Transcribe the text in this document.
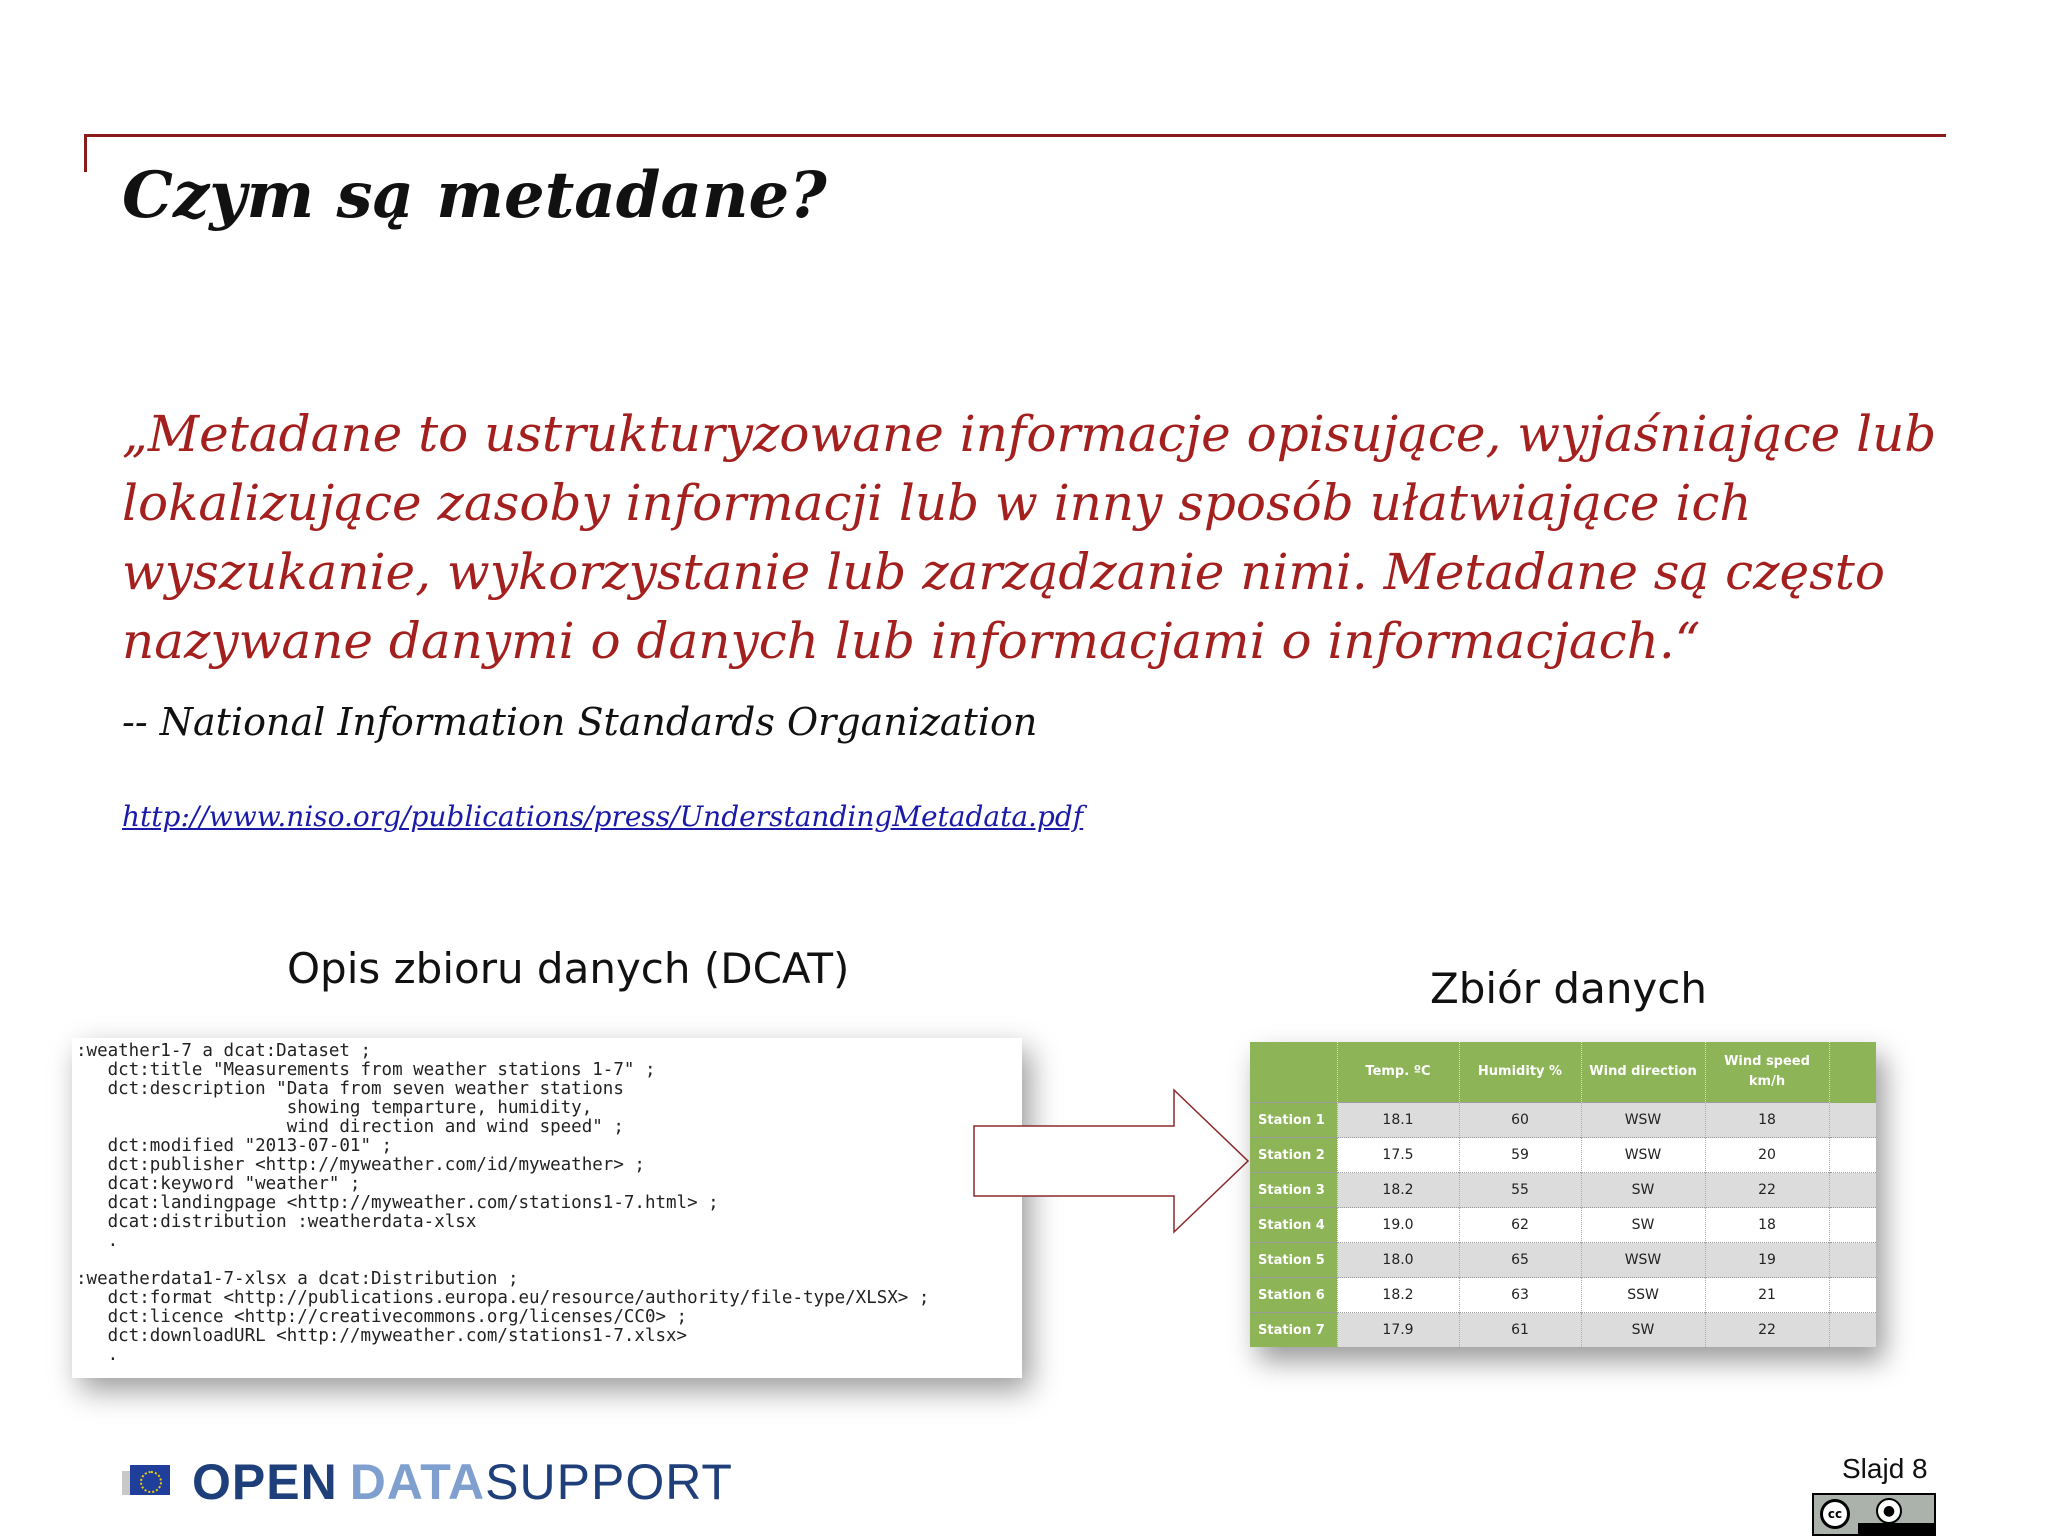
Czym są metadane?
„Metadane to ustrukturyzowane informacje opisujące, wyjaśniające lub lokalizujące zasoby informacji lub w inny sposób ułatwiające ich wyszukanie, wykorzystanie lub zarządzanie nimi. Metadane są często nazywane danymi o danych lub informacjami o informacjach.“
-- National Information Standards Organization
http://www.niso.org/publications/press/UnderstandingMetadata.pdf
Opis zbioru danych (DCAT)	Zbiór danych
:weather1-7 a dcat:Dataset ;
dct:title "Measurements from weather stations 1-7" ;
dct:description "Data from seven weather stations
showing temparture, humidity,
wind direction and wind speed" ;
dct:modified "2013-07-01" ;
dct:publisher <http://myweather.com/id/myweather> ;
dcat:keyword "weather" ;
dcat:landingpage <http://myweather.com/stations1-7.html> ;
dcat:distribution :weatherdata-xlsx
.

:weatherdata1-7-xlsx a dcat:Distribution ;
dct:format <http://publications.europa.eu/resource/authority/file-type/XLSX> ;
dct:licence <http://creativecommons.org/licenses/CC0> ;
dct:downloadURL <http://myweather.com/stations1-7.xlsx>
.
	Temp. ºC	Humidity %	Wind direction	Wind speed km/h	
Station 1	18.1	60	WSW	18	
Station 2	17.5	59	WSW	20	
Station 3	18.2	55	SW	22	
Station 4	19.0	62	SW	18	
Station 5	18.0	65	WSW	19	
Station 6	18.2	63	SSW	21	
Station 7	17.9	61	SW	22	
OPEN DATA SUPPORT	Slajd 8
cc	●
